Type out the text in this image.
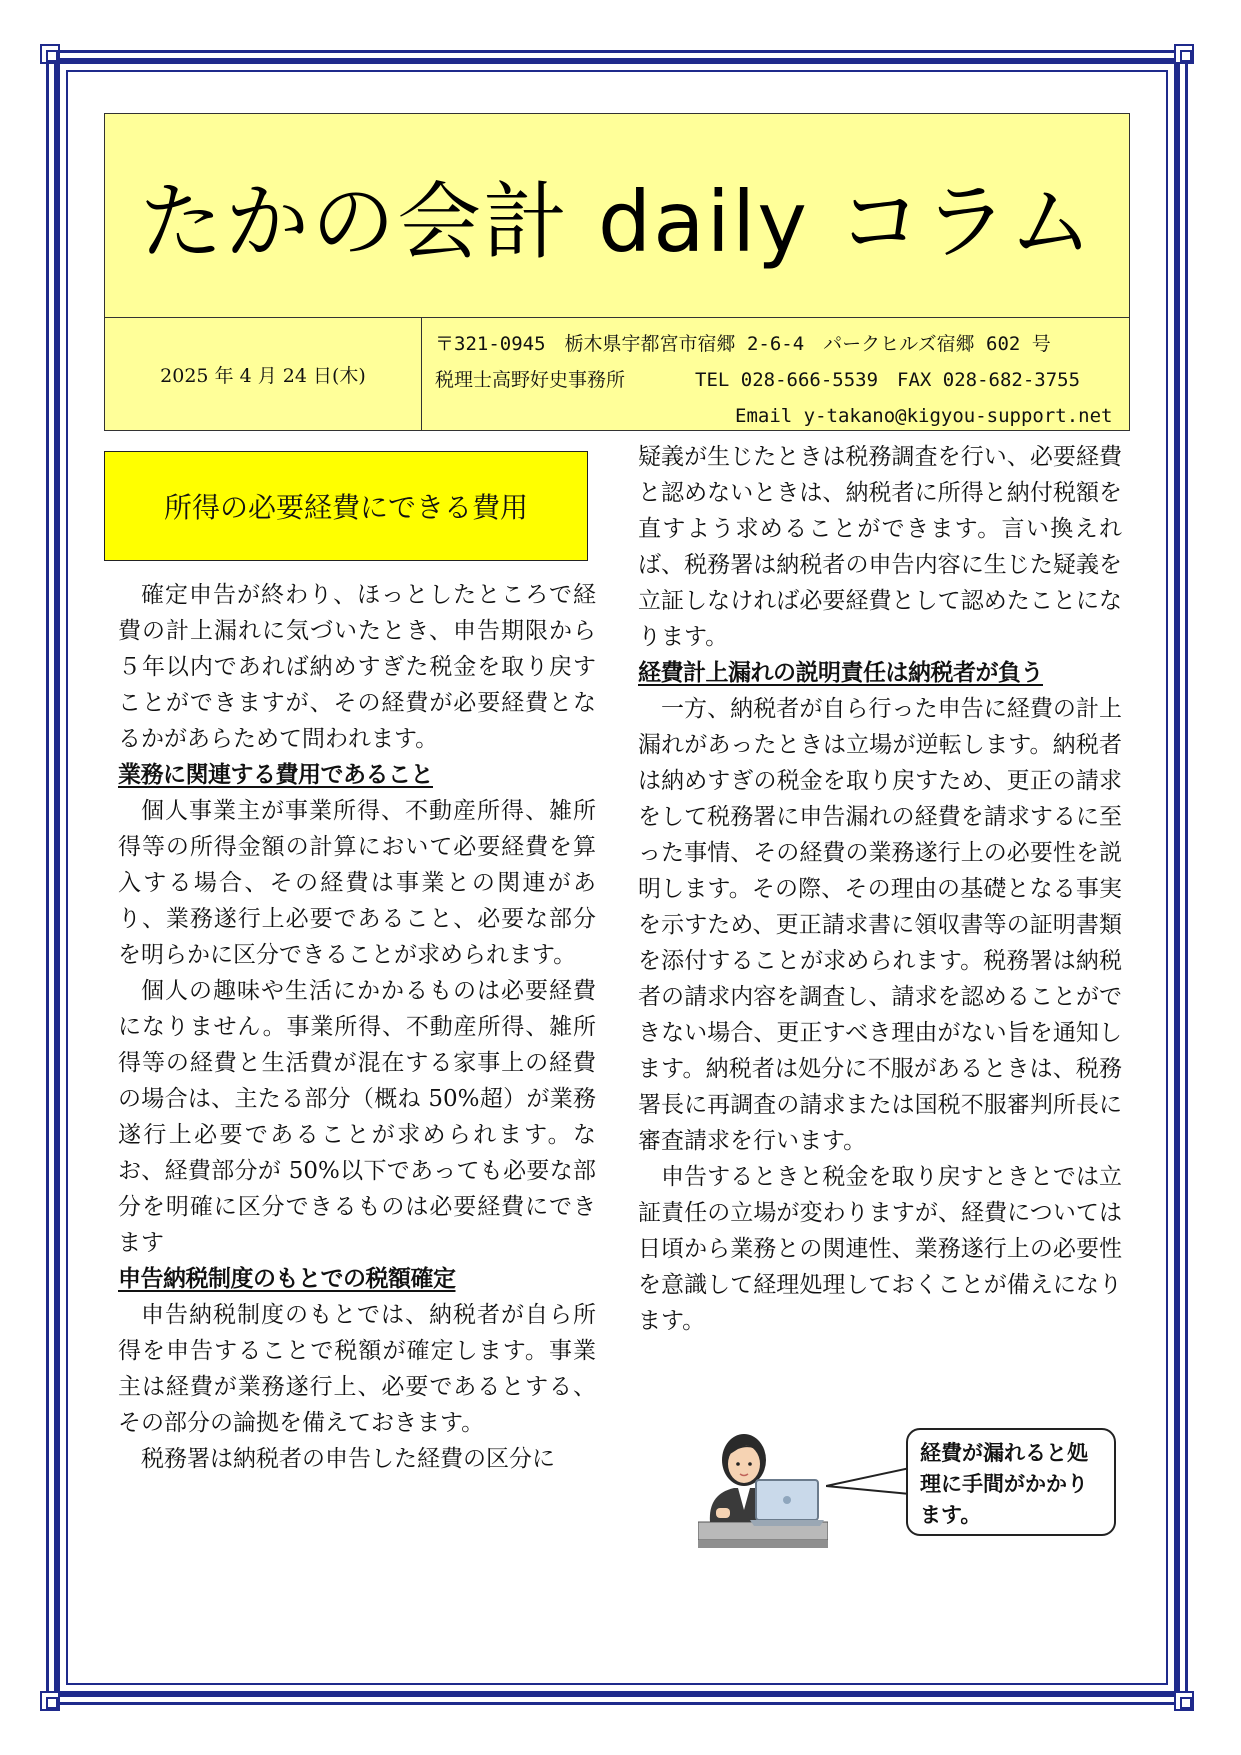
たかの会計 daily コラム
2025 年 4 月 24 日(木)
〒321-0945　栃木県宇都宮市宿郷 2-6-4　パークヒルズ宿郷 602 号
税理士高野好史事務所	TEL 028-666-5539　FAX 028-682-3755
Email y-takano@kigyou-support.net
所得の必要経費にできる費用

確定申告が終わり、ほっとしたところで経費の計上漏れに気づいたとき、申告期限から５年以内であれば納めすぎた税金を取り戻すことができますが、その経費が必要経費となるかがあらためて問われます。

業務に関連する費用であること

個人事業主が事業所得、不動産所得、雑所得等の所得金額の計算において必要経費を算入する場合、その経費は事業との関連があり、業務遂行上必要であること、必要な部分を明らかに区分できることが求められます。

個人の趣味や生活にかかるものは必要経費になりません。事業所得、不動産所得、雑所得等の経費と生活費が混在する家事上の経費の場合は、主たる部分（概ね 50%超）が業務遂行上必要であることが求められます。なお、経費部分が 50%以下であっても必要な部分を明確に区分できるものは必要経費にできます

申告納税制度のもとでの税額確定

申告納税制度のもとでは、納税者が自ら所得を申告することで税額が確定します。事業主は経費が業務遂行上、必要であるとする、その部分の論拠を備えておきます。

税務署は納税者の申告した経費の区分に

疑義が生じたときは税務調査を行い、必要経費と認めないときは、納税者に所得と納付税額を直すよう求めることができます。言い換えれば、税務署は納税者の申告内容に生じた疑義を立証しなければ必要経費として認めたことになります。

経費計上漏れの説明責任は納税者が負う

一方、納税者が自ら行った申告に経費の計上漏れがあったときは立場が逆転します。納税者は納めすぎの税金を取り戻すため、更正の請求をして税務署に申告漏れの経費を請求するに至った事情、その経費の業務遂行上の必要性を説明します。その際、その理由の基礎となる事実を示すため、更正請求書に領収書等の証明書類を添付することが求められます。税務署は納税者の請求内容を調査し、請求を認めることができない場合、更正すべき理由がない旨を通知します。納税者は処分に不服があるときは、税務署長に再調査の請求または国税不服審判所長に審査請求を行います。

申告するときと税金を取り戻すときとでは立証責任の立場が変わりますが、経費については日頃から業務との関連性、業務遂行上の必要性を意識して経理処理しておくことが備えになります。

経費が漏れると処理に手間がかかります。
